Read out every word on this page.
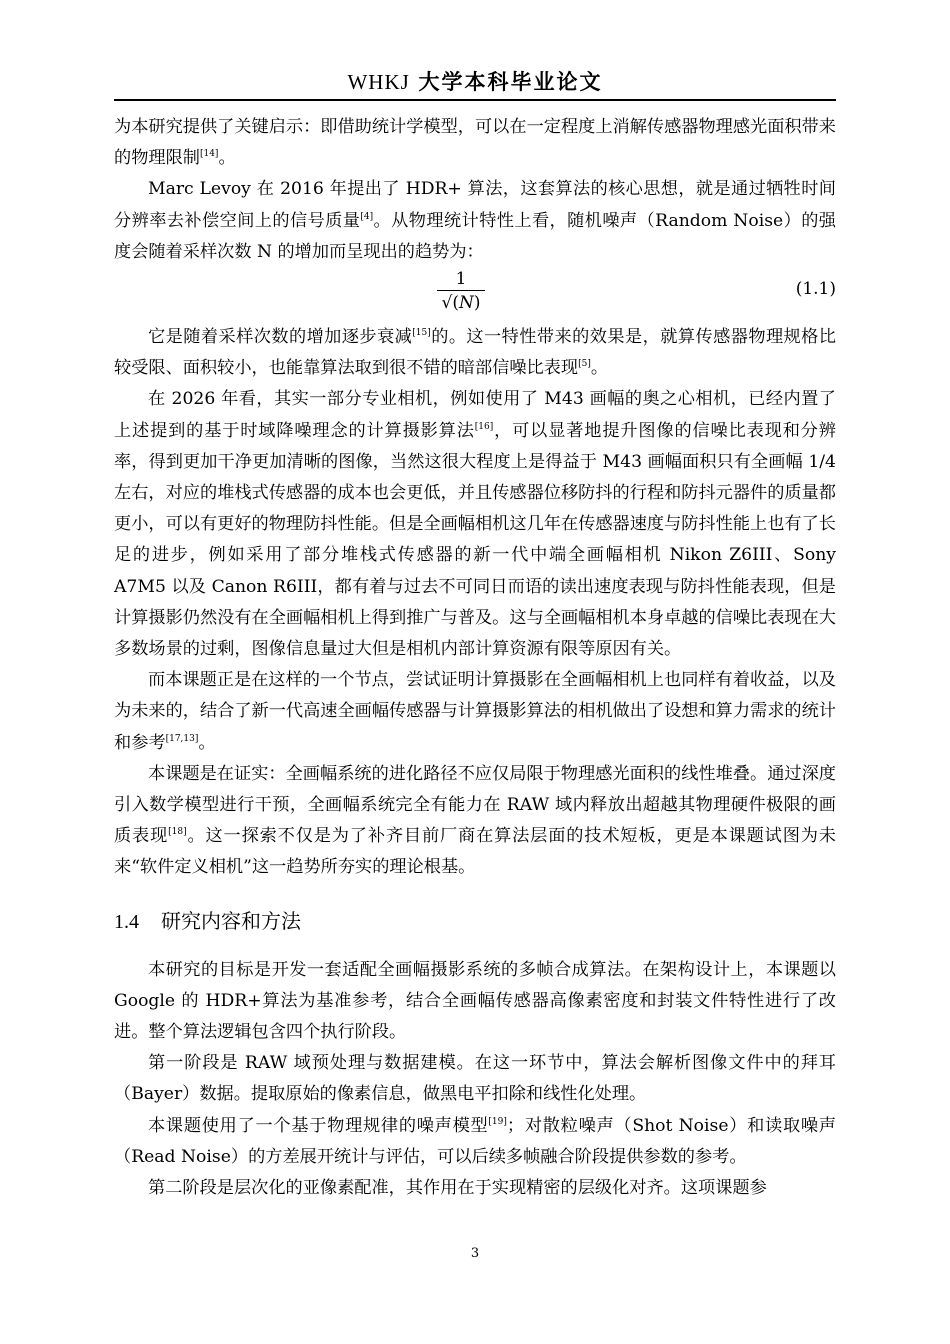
WHKJ 大学本科毕业论文

为本研究提供了关键启示：即借助统计学模型，可以在一定程度上消解传感器物理感光面积带来的物理限制[14]。

Marc Levoy 在 2016 年提出了 HDR+ 算法，这套算法的核心思想，就是通过牺牲时间分辨率去补偿空间上的信号质量[4]。从物理统计特性上看，随机噪声（Random Noise）的强度会随着采样次数 N 的增加而呈现出的趋势为：

1
√(N)
(1.1)

它是随着采样次数的增加逐步衰减[15]的。这一特性带来的效果是，就算传感器物理规格比较受限、面积较小，也能靠算法取到很不错的暗部信噪比表现[5]。

在 2026 年看，其实一部分专业相机，例如使用了 M43 画幅的奥之心相机，已经内置了上述提到的基于时域降噪理念的计算摄影算法[16]，可以显著地提升图像的信噪比表现和分辨率，得到更加干净更加清晰的图像，当然这很大程度上是得益于 M43 画幅面积只有全画幅 1/4 左右，对应的堆栈式传感器的成本也会更低，并且传感器位移防抖的行程和防抖元器件的质量都更小，可以有更好的物理防抖性能。但是全画幅相机这几年在传感器速度与防抖性能上也有了长足的进步，例如采用了部分堆栈式传感器的新一代中端全画幅相机 Nikon Z6III、Sony A7M5 以及 Canon R6III，都有着与过去不可同日而语的读出速度表现与防抖性能表现，但是计算摄影仍然没有在全画幅相机上得到推广与普及。这与全画幅相机本身卓越的信噪比表现在大多数场景的过剩，图像信息量过大但是相机内部计算资源有限等原因有关。

而本课题正是在这样的一个节点，尝试证明计算摄影在全画幅相机上也同样有着收益，以及为未来的，结合了新一代高速全画幅传感器与计算摄影算法的相机做出了设想和算力需求的统计和参考[17,13]。

本课题是在证实：全画幅系统的进化路径不应仅局限于物理感光面积的线性堆叠。通过深度引入数学模型进行干预，全画幅系统完全有能力在 RAW 域内释放出超越其物理硬件极限的画质表现[18]。这一探索不仅是为了补齐目前厂商在算法层面的技术短板，更是本课题试图为未来“软件定义相机”这一趋势所夯实的理论根基。

1.4 研究内容和方法

本研究的目标是开发一套适配全画幅摄影系统的多帧合成算法。在架构设计上，本课题以 Google 的 HDR+算法为基准参考，结合全画幅传感器高像素密度和封装文件特性进行了改进。整个算法逻辑包含四个执行阶段。

第一阶段是 RAW 域预处理与数据建模。在这一环节中，算法会解析图像文件中的拜耳（Bayer）数据。提取原始的像素信息，做黑电平扣除和线性化处理。

本课题使用了一个基于物理规律的噪声模型[19]；对散粒噪声（Shot Noise）和读取噪声（Read Noise）的方差展开统计与评估，可以后续多帧融合阶段提供参数的参考。

第二阶段是层次化的亚像素配准，其作用在于实现精密的层级化对齐。这项课题参

3
